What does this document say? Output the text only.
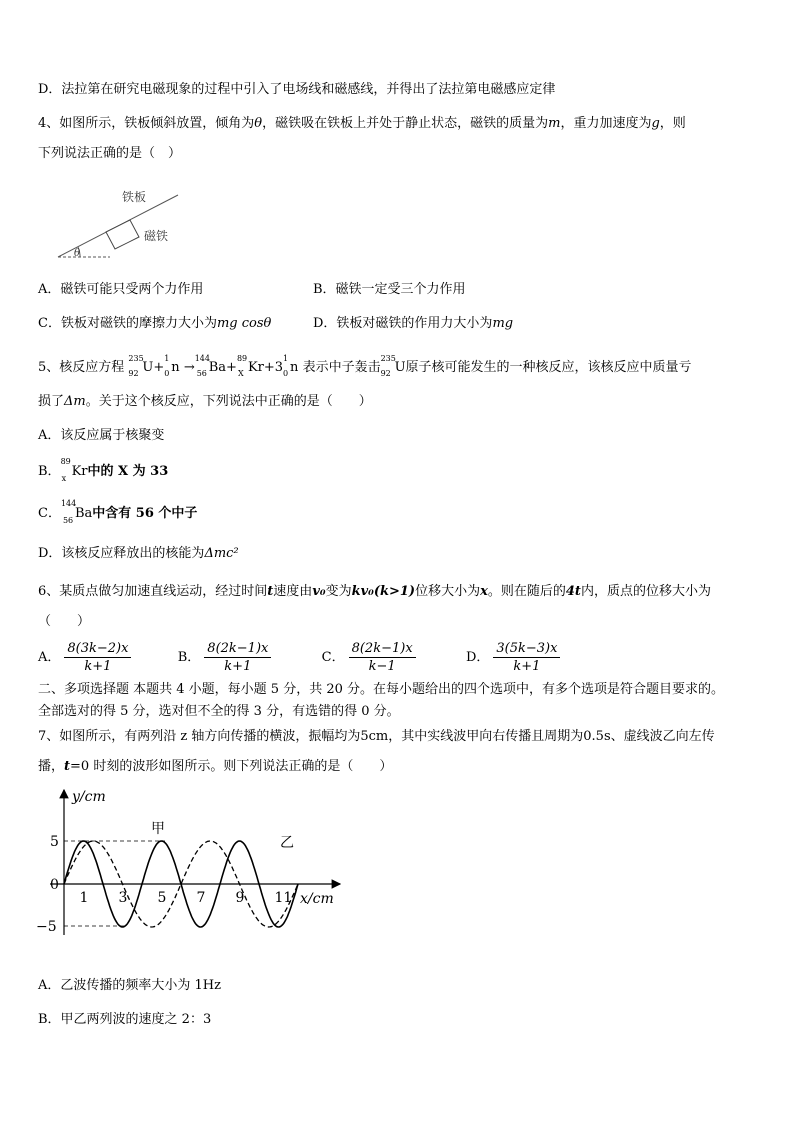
D．法拉第在研究电磁现象的过程中引入了电场线和磁感线，并得出了法拉第电磁感应定律
4、如图所示，铁板倾斜放置，倾角为θ，磁铁吸在铁板上并处于静止状态，磁铁的质量为m，重力加速度为g，则
下列说法正确的是（　）
铁板
磁铁
θ
A．磁铁可能只受两个力作用	B．磁铁一定受三个力作用
C．铁板对磁铁的摩擦力大小为mg cosθ	D．铁板对磁铁的作用力大小为mg
5、核反应方程
235
92 U+
1
0 n →
144
56 Ba+
89
X Kr+3
1
0 n 表示中子轰击
235
92 U原子核可能发生的一种核反应，该核反应中质量亏
损了Δm。关于这个核反应，下列说法中正确的是（　　）
A．该反应属于核聚变
B．
89
x Kr中的 X 为 33
C．
144
56 Ba中含有 56 个中子
D．该核反应释放出的核能为Δmc²
6、某质点做匀加速直线运动，经过时间t速度由v₀变为kv₀(k>1)位移大小为x。则在随后的4t内，质点的位移大小为
（　　）
A． $\frac{8(3k-2)x}{k+1}$	B． $\frac{8(2k-1)x}{k+1}$	C． $\frac{8(2k-1)x}{k-1}$	D． $\frac{3(5k-3)x}{k+1}$
二、多项选择题 本题共 4 小题，每小题 5 分，共 20 分。在每小题给出的四个选项中，有多个选项是符合题目要求的。
全部选对的得 5 分，选对但不全的得 3 分，有选错的得 0 分。
7、如图所示，有两列沿 z 轴方向传播的横波，振幅均为5cm，其中实线波甲向右传播且周期为0.5s、虚线波乙向左传
播，t=0 时刻的波形如图所示。则下列说法正确的是（　　）
y/cm
x/cm
0
5
−5
1 3 5 7 9 11
甲
乙
A．乙波传播的频率大小为 1Hz
B．甲乙两列波的速度之 2：3
